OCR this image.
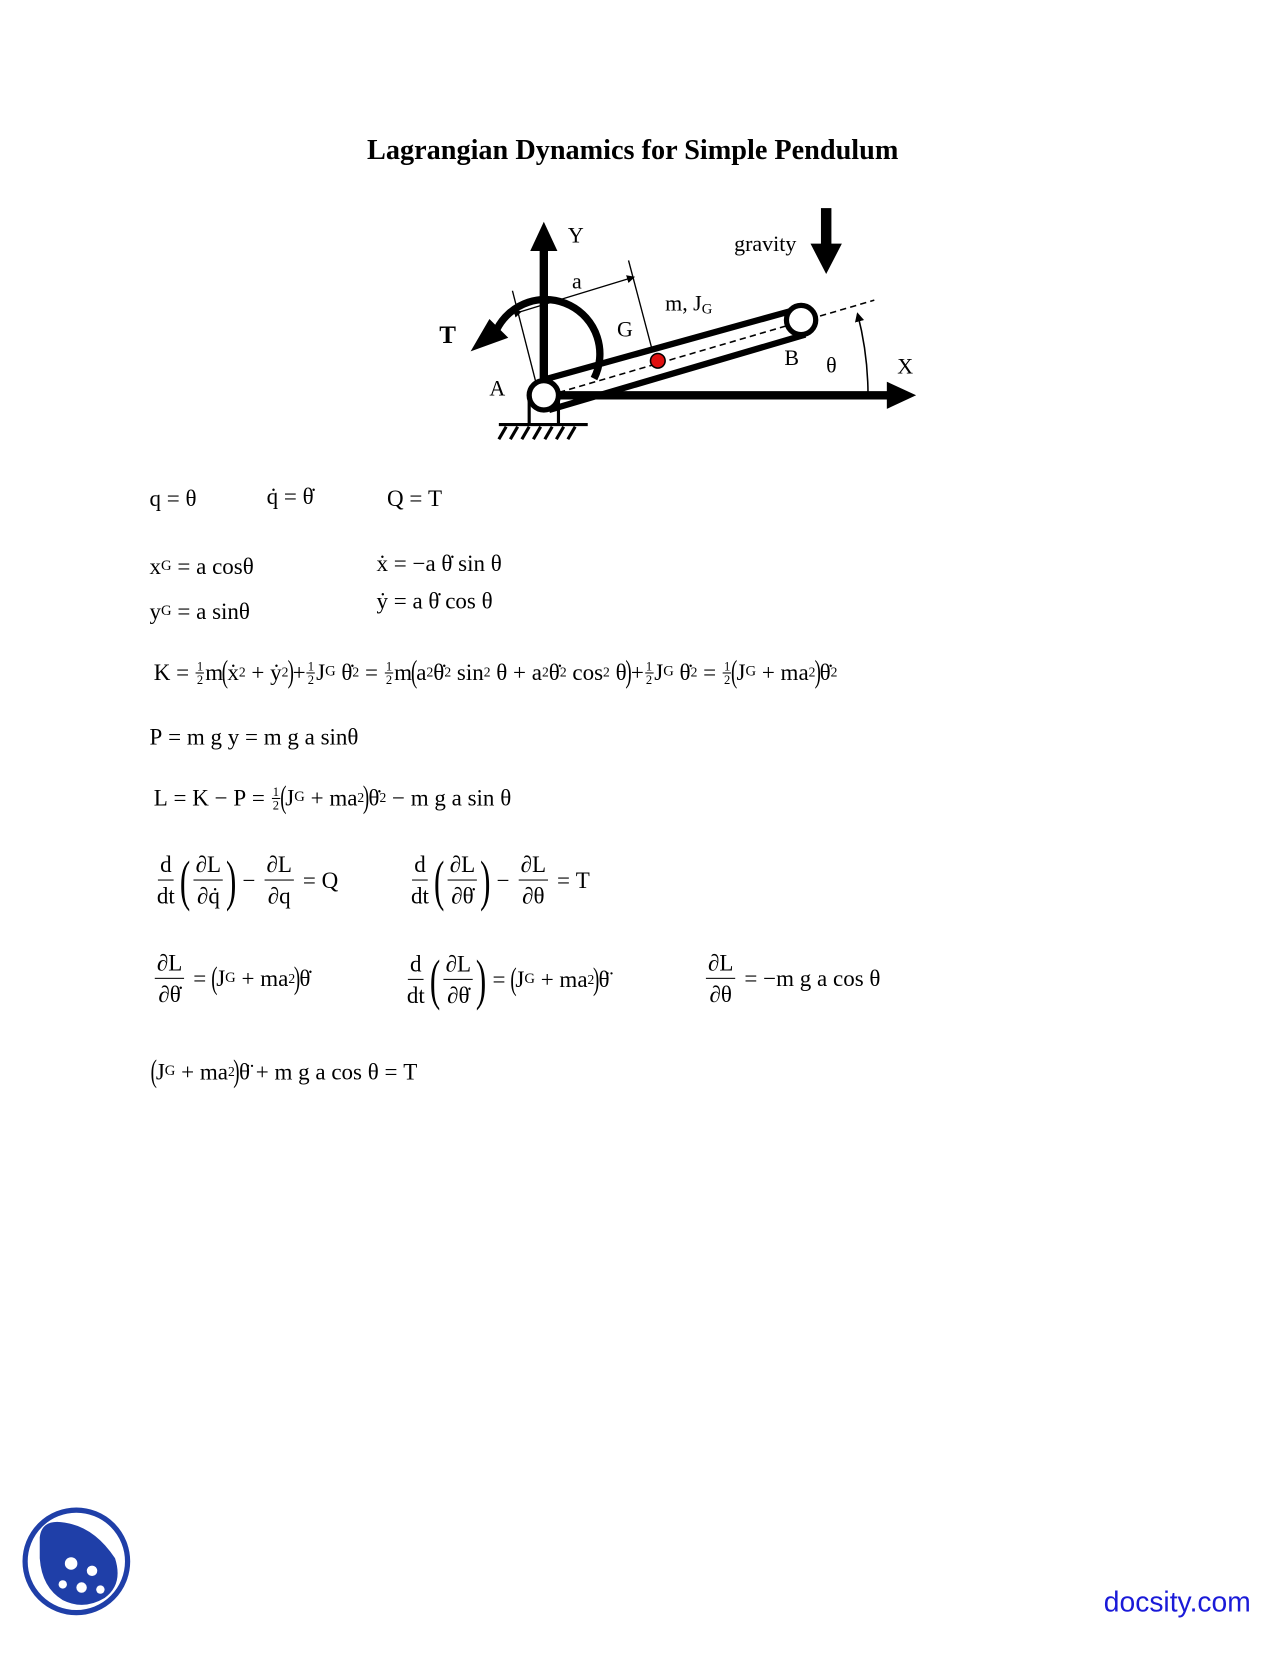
Lagrangian Dynamics for Simple Pendulum
Y
X
gravity
a
m, JG
G
T
A
B θ
q = θ	q̇ = θ̇	Q = T
x G = a cosθ
y G = a sinθ
ẋ = −a θ̇ sin θ
ẏ = a θ̇ cos θ
$K = \frac{1}{2}$ m
(
ẋ 2 + ẏ 2
)
+ $\frac{1}{2}$ J G θ̇ $2 = \frac{1}{2}$ m
(
a 2 θ̇ 2 sin 2 θ + a 2 θ̇ 2 cos 2 θ
)
+ $\frac{1}{2}$ J G θ̇ $2 = \frac{1}{2}$ (
J G + ma 2
)
θ̇ 2
P = m g y = m g a sinθ
$L = K - P = \frac{1}{2}$ (
J G + ma 2
)
θ̇ 2 − m g a sin θ
$\frac{d}{dt}$ ( $\frac{\partial L}{\partial q̇}$ ) − $\frac{\partial L}{\partial q} = Q$	$\frac{d}{dt}$ ( $\frac{\partial L}{\partial\thetȧ}$ ) − $\frac{\partial L}{\partial\theta} = T$
$\frac{\partial L}{\partial\thetȧ}$ =
(
J G + ma 2
)
θ̇	$\frac{d}{dt}$ ( $\frac{\partial L}{\partial\thetȧ}$ ) =
(
J G + ma 2
)
θ̈	$\frac{\partial L}{\partial\theta} = -m$ g a cos θ
(
J G + ma 2
)
θ̈ + m g a cos θ = T
docsity.com
